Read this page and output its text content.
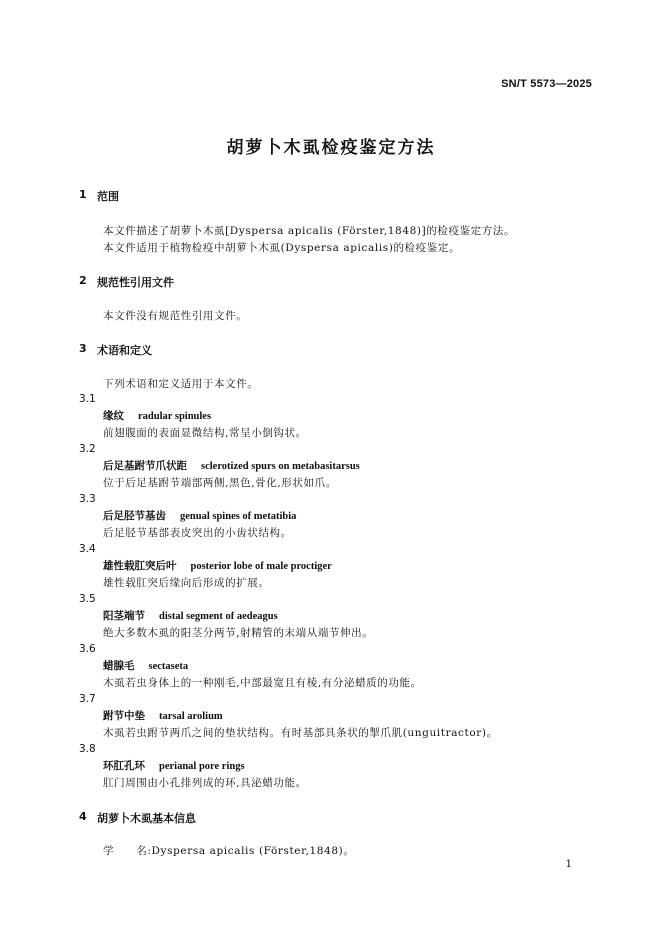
SN/T 5573—2025
胡萝卜木虱检疫鉴定方法
1 范围
本文件描述了胡萝卜木虱[Dyspersa apicalis (Förster,1848)]的检疫鉴定方法。
本文件适用于植物检疫中胡萝卜木虱(Dyspersa apicalis)的检疫鉴定。
2 规范性引用文件
本文件没有规范性引用文件。
3 术语和定义
下列术语和定义适用于本文件。
3.1
缘纹 radular spinules
前翅腹面的表面显微结构,常呈小倒钩状。
3.2
后足基跗节爪状距 sclerotized spurs on metabasitarsus
位于后足基跗节端部两侧,黑色,骨化,形状如爪。
3.3
后足胫节基齿 genual spines of metatibia
后足胫节基部表皮突出的小齿状结构。
3.4
雄性载肛突后叶 posterior lobe of male proctiger
雄性载肛突后缘向后形成的扩展。
3.5
阳茎端节 distal segment of aedeagus
绝大多数木虱的阳茎分两节,射精管的末端从端节伸出。
3.6
蜡腺毛 sectaseta
木虱若虫身体上的一种刚毛,中部最宽且有棱,有分泌蜡质的功能。
3.7
跗节中垫 tarsal arolium
木虱若虫跗节两爪之间的垫状结构。有时基部具条状的掣爪肌(unguitractor)。
3.8
环肛孔环 perianal pore rings
肛门周围由小孔排列成的环,具泌蜡功能。
4 胡萝卜木虱基本信息
学　　名:Dyspersa apicalis (Förster,1848)。
1
